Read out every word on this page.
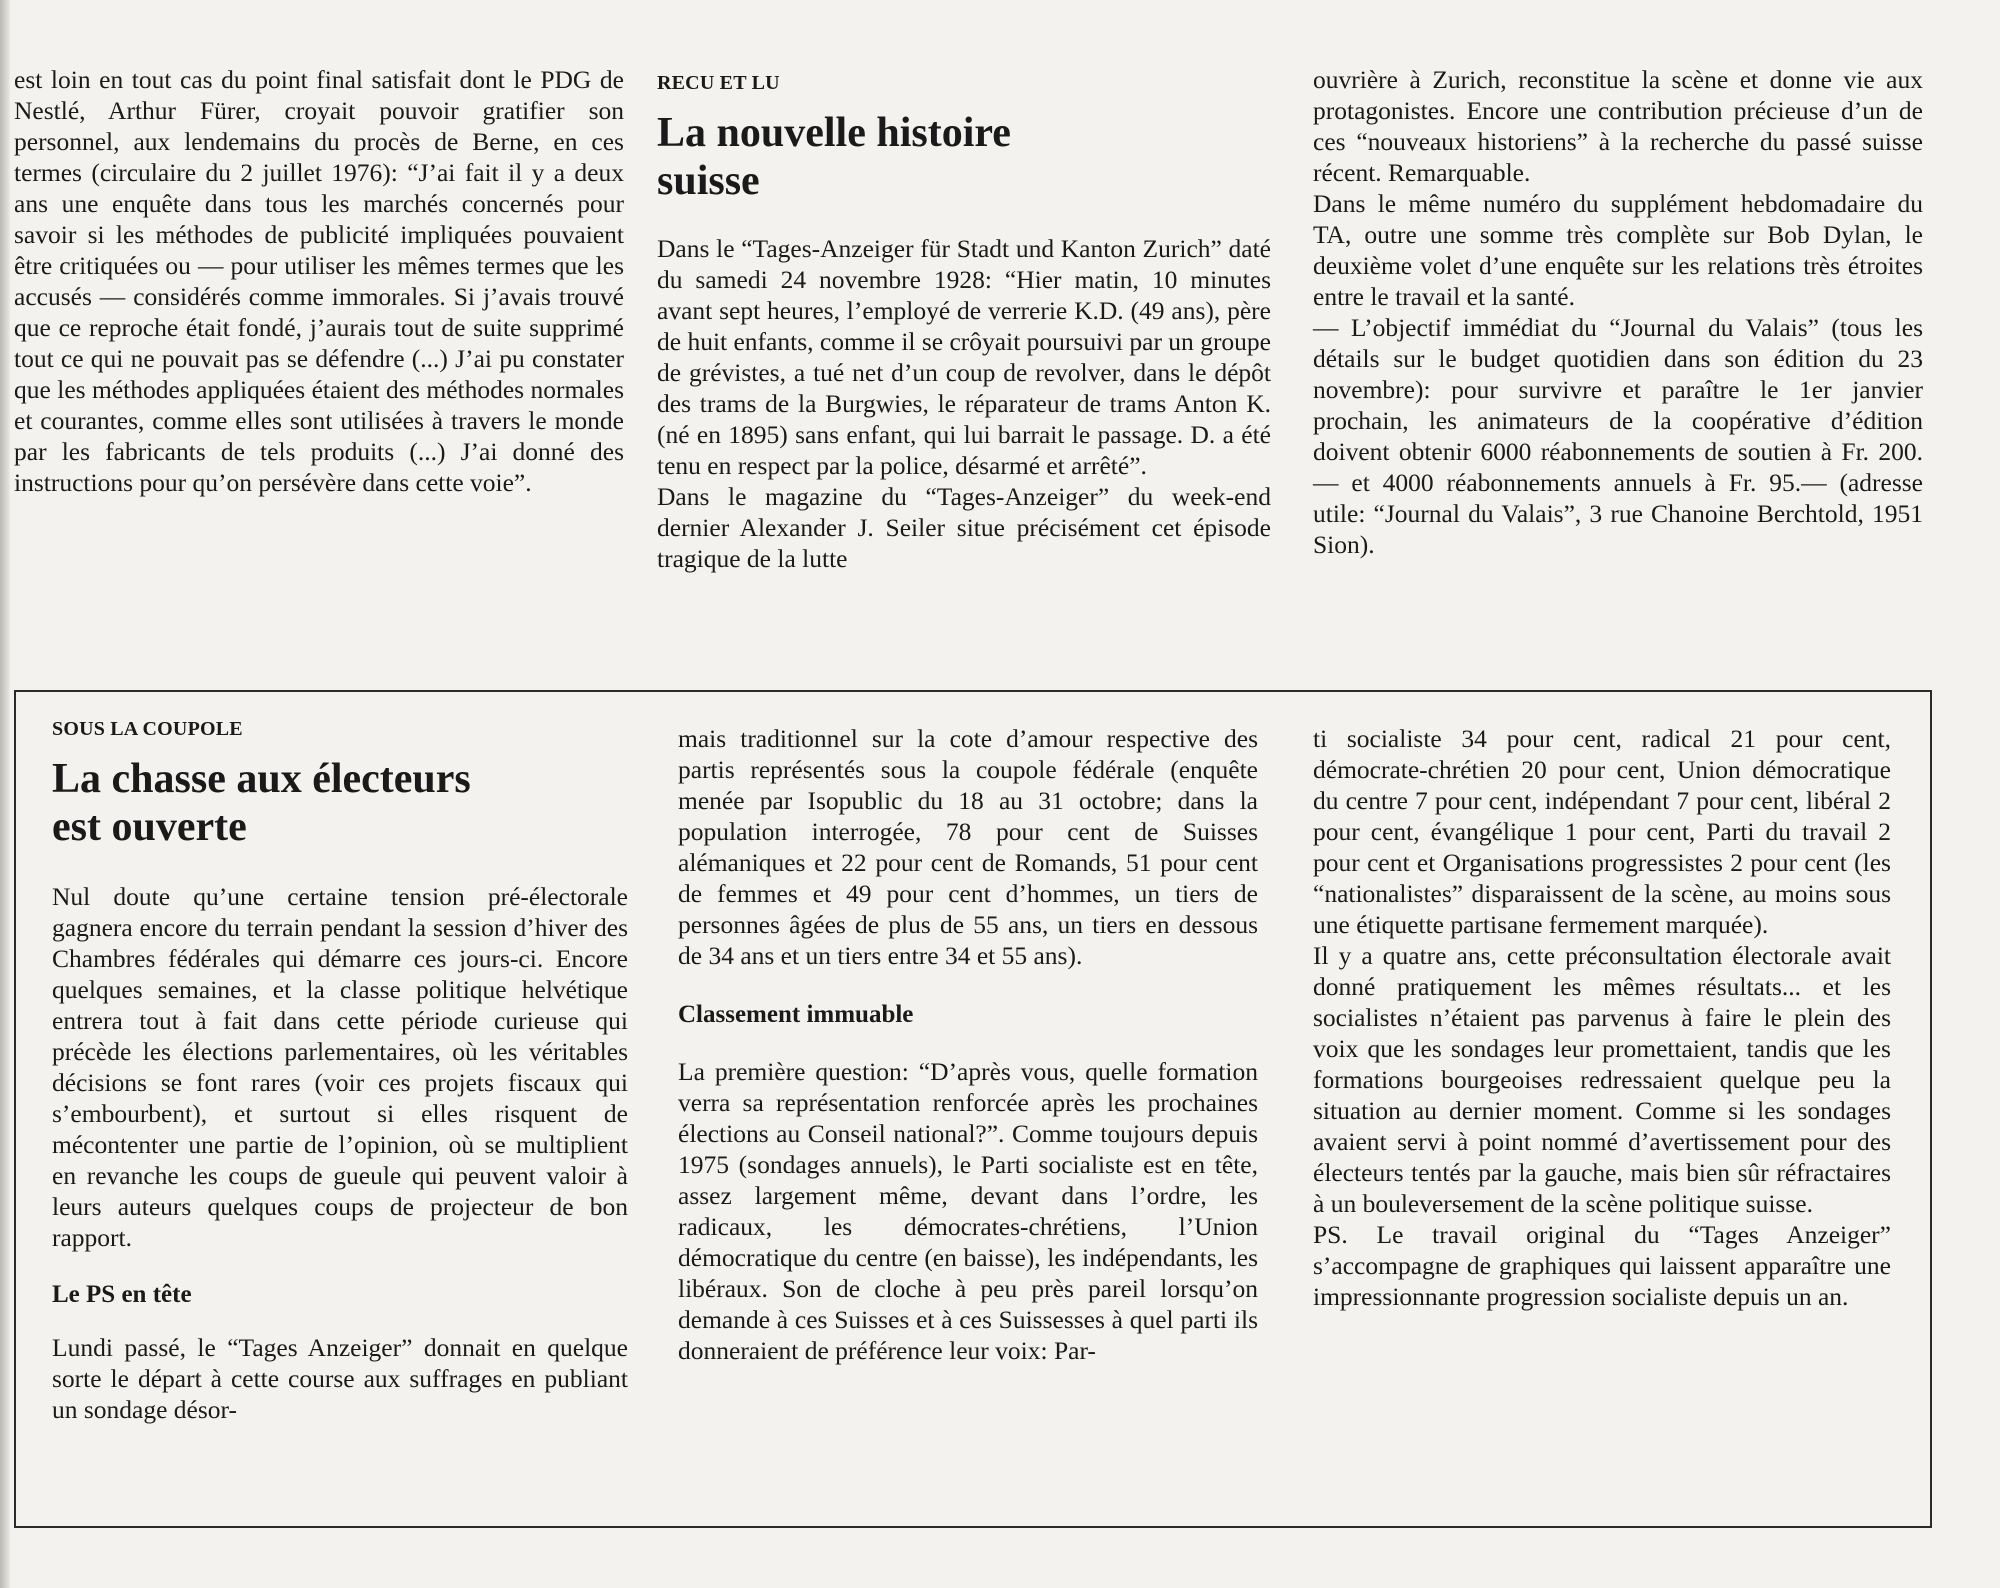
est loin en tout cas du point final satisfait dont le PDG de Nestlé, Arthur Fürer, croyait pouvoir gratifier son personnel, aux lendemains du procès de Berne, en ces termes (circulaire du 2 juillet 1976): “J’ai fait il y a deux ans une enquête dans tous les marchés concernés pour savoir si les méthodes de publicité impliquées pouvaient être critiquées ou — pour utiliser les mêmes termes que les accusés — considérés comme immorales. Si j’avais trouvé que ce reproche était fondé, j’aurais tout de suite supprimé tout ce qui ne pouvait pas se défendre (...) J’ai pu constater que les méthodes appliquées étaient des méthodes normales et courantes, comme elles sont utilisées à travers le monde par les fabricants de tels produits (...) J’ai donné des instructions pour qu’on persévère dans cette voie”.

RECU ET LU

La nouvelle histoire
suisse

Dans le “Tages-Anzeiger für Stadt und Kanton Zurich” daté du samedi 24 novembre 1928: “Hier matin, 10 minutes avant sept heures, l’employé de verrerie K.D. (49 ans), père de huit enfants, comme il se crôyait poursuivi par un groupe de grévistes, a tué net d’un coup de revolver, dans le dépôt des trams de la Burgwies, le réparateur de trams Anton K. (né en 1895) sans enfant, qui lui barrait le passage. D. a été tenu en respect par la police, désarmé et arrêté”.

Dans le magazine du “Tages-Anzeiger” du week-end dernier Alexander J. Seiler situe précisément cet épisode tragique de la lutte

ouvrière à Zurich, reconstitue la scène et donne vie aux protagonistes. Encore une contribution précieuse d’un de ces “nouveaux historiens” à la recherche du passé suisse récent. Remarquable.

Dans le même numéro du supplément hebdomadaire du TA, outre une somme très complète sur Bob Dylan, le deuxième volet d’une enquête sur les relations très étroites entre le travail et la santé.

— L’objectif immédiat du “Journal du Valais” (tous les détails sur le budget quotidien dans son édition du 23 novembre): pour survivre et paraître le 1er janvier prochain, les animateurs de la coopérative d’édition doivent obtenir 6000 réabonnements de soutien à Fr. 200.— et 4000 réabonnements annuels à Fr. 95.— (adresse utile: “Journal du Valais”, 3 rue Chanoine Berchtold, 1951 Sion).

SOUS LA COUPOLE

La chasse aux électeurs
est ouverte

Nul doute qu’une certaine tension pré-électorale gagnera encore du terrain pendant la session d’hiver des Chambres fédérales qui démarre ces jours-ci. Encore quelques semaines, et la classe politique helvétique entrera tout à fait dans cette période curieuse qui précède les élections parlementaires, où les véritables décisions se font rares (voir ces projets fiscaux qui s’embourbent), et surtout si elles risquent de mécontenter une partie de l’opinion, où se multiplient en revanche les coups de gueule qui peuvent valoir à leurs auteurs quelques coups de projecteur de bon rapport.

Le PS en tête

Lundi passé, le “Tages Anzeiger” donnait en quelque sorte le départ à cette course aux suffrages en publiant un sondage désor-

mais traditionnel sur la cote d’amour respective des partis représentés sous la coupole fédérale (enquête menée par Isopublic du 18 au 31 octobre; dans la population interrogée, 78 pour cent de Suisses alémaniques et 22 pour cent de Romands, 51 pour cent de femmes et 49 pour cent d’hommes, un tiers de personnes âgées de plus de 55 ans, un tiers en dessous de 34 ans et un tiers entre 34 et 55 ans).

Classement immuable

La première question: “D’après vous, quelle formation verra sa représentation renforcée après les prochaines élections au Conseil national?”. Comme toujours depuis 1975 (sondages annuels), le Parti socialiste est en tête, assez largement même, devant dans l’ordre, les radicaux, les démocrates-chrétiens, l’Union démocratique du centre (en baisse), les indépendants, les libéraux. Son de cloche à peu près pareil lorsqu’on demande à ces Suisses et à ces Suissesses à quel parti ils donneraient de préférence leur voix: Par-

ti socialiste 34 pour cent, radical 21 pour cent, démocrate-chrétien 20 pour cent, Union démocratique du centre 7 pour cent, indépendant 7 pour cent, libéral 2 pour cent, évangélique 1 pour cent, Parti du travail 2 pour cent et Organisations progressistes 2 pour cent (les “nationalistes” disparaissent de la scène, au moins sous une étiquette partisane fermement marquée).

Il y a quatre ans, cette préconsultation électorale avait donné pratiquement les mêmes résultats... et les socialistes n’étaient pas parvenus à faire le plein des voix que les sondages leur promettaient, tandis que les formations bourgeoises redressaient quelque peu la situation au dernier moment. Comme si les sondages avaient servi à point nommé d’avertissement pour des électeurs tentés par la gauche, mais bien sûr réfractaires à un bouleversement de la scène politique suisse.

PS. Le travail original du “Tages Anzeiger” s’accompagne de graphiques qui laissent apparaître une impressionnante progression socialiste depuis un an.
